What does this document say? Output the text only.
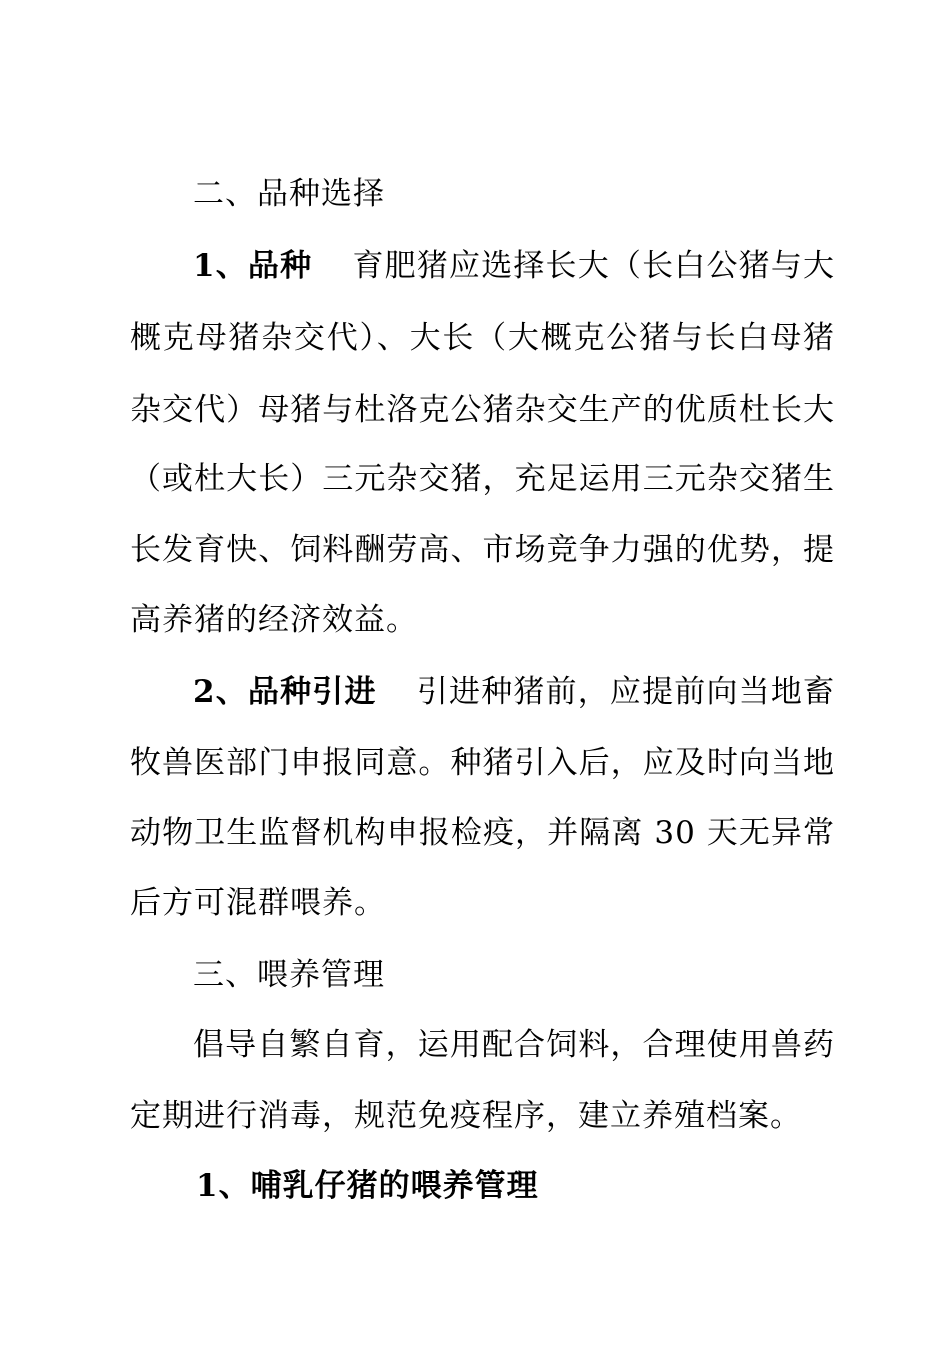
二、品种选择
1、品种 育肥猪应选择长大（长白公猪与大
概克母猪杂交代）、大长（大概克公猪与长白母猪
杂交代）母猪与杜洛克公猪杂交生产的优质杜长大
（或杜大长）三元杂交猪，充足运用三元杂交猪生
长发育快、饲料酬劳高、市场竞争力强的优势，提
高养猪的经济效益。
2、品种引进 引进种猪前，应提前向当地畜
牧兽医部门申报同意。种猪引入后，应及时向当地
动物卫生监督机构申报检疫，并隔离 30 天无异常
后方可混群喂养。
三、喂养管理
倡导自繁自育，运用配合饲料，合理使用兽药
定期进行消毒，规范免疫程序，建立养殖档案。
1、哺乳仔猪的喂养管理
